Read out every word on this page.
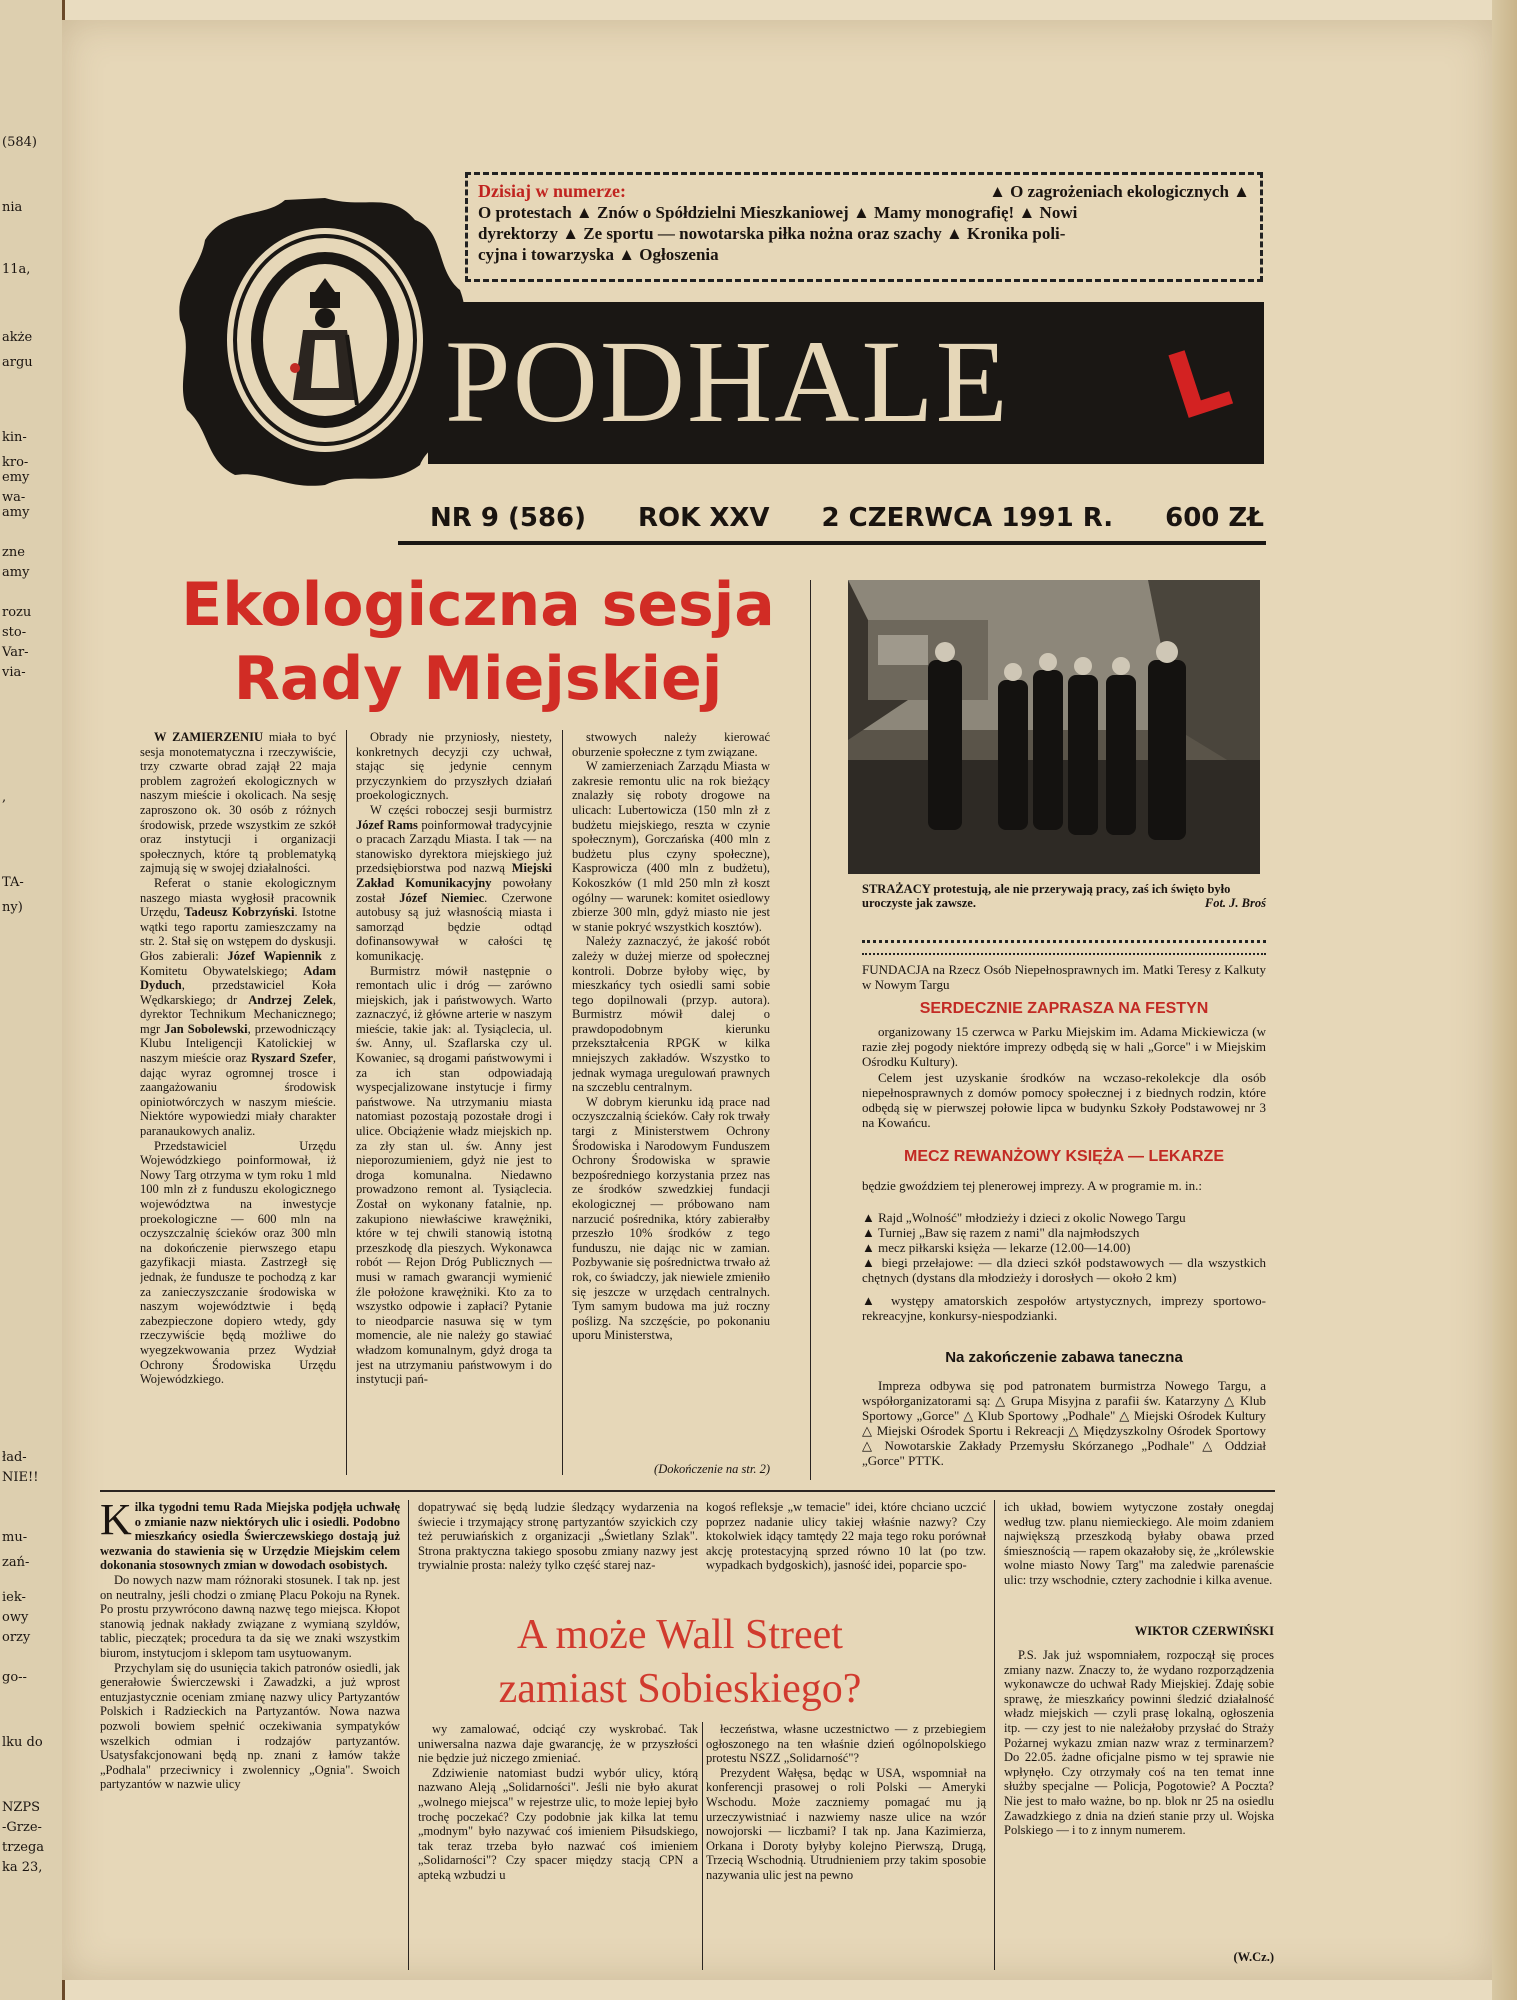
(584)
nia
11a,
akże
argu
kin-
kro-
emy
wa-
amy
zne
amy
rozu
sto-
Var-
via-
,
TA-
ny)
ład-
NIE!!
mu-
zań-
iek-
owy
orzy
go--
lku do
NZPS
-Grze-
trzega
ka 23,
Dzisiaj w numerze:	▲ O zagrożeniach ekologicznych ▲
O protestach ▲ Znów o Spółdzielni Mieszkaniowej ▲ Mamy monografię! ▲ Nowi
dyrektorzy ▲ Ze sportu — nowotarska piłka nożna oraz szachy ▲ Kronika poli-
cyjna i towarzyska ▲ Ogłoszenia
PODHALE	L
NR 9 (586) ROK XXV 2 CZERWCA 1991 R. 600 ZŁ
Ekologiczna sesja
Rady Miejskiej

W ZAMIERZENIU miała to być sesja monotematyczna i rzeczywiście, trzy czwarte obrad zajął 22 maja problem zagrożeń ekologicznych w naszym mieście i okolicach. Na sesję zaproszono ok. 30 osób z różnych środowisk, przede wszystkim ze szkół oraz instytucji i organizacji społecznych, które tą problematyką zajmują się w swojej działalności.

Referat o stanie ekologicznym naszego miasta wygłosił pracownik Urzędu, Tadeusz Kobrzyński. Istotne wątki tego raportu zamieszczamy na str. 2. Stał się on wstępem do dyskusji. Głos zabierali: Józef Wapiennik z Komitetu Obywatelskiego; Adam Dyduch, przedstawiciel Koła Wędkarskiego; dr Andrzej Zelek, dyrektor Technikum Mechanicznego; mgr Jan Sobolewski, przewodniczący Klubu Inteligencji Katolickiej w naszym mieście oraz Ryszard Szefer, dając wyraz ogromnej trosce i zaangażowaniu środowisk opiniotwórczych w naszym mieście. Niektóre wypowiedzi miały charakter paranaukowych analiz.

Przedstawiciel Urzędu Wojewódzkiego poinformował, iż Nowy Targ otrzyma w tym roku 1 mld 100 mln zł z funduszu ekologicznego województwa na inwestycje proekologiczne — 600 mln na oczyszczalnię ścieków oraz 300 mln na dokończenie pierwszego etapu gazyfikacji miasta. Zastrzegł się jednak, że fundusze te pochodzą z kar za zanieczyszczanie środowiska w naszym województwie i będą zabezpieczone dopiero wtedy, gdy rzeczywiście będą możliwe do wyegzekwowania przez Wydział Ochrony Środowiska Urzędu Wojewódzkiego.

Obrady nie przyniosły, niestety, konkretnych decyzji czy uchwał, stając się jedynie cennym przyczynkiem do przyszłych działań proekologicznych.

W części roboczej sesji burmistrz Józef Rams poinformował tradycyjnie o pracach Zarządu Miasta. I tak — na stanowisko dyrektora miejskiego już przedsiębiorstwa pod nazwą Miejski Zakład Komunikacyjny powołany został Józef Niemiec. Czerwone autobusy są już własnością miasta i samorząd będzie odtąd dofinansowywał w całości tę komunikację.

Burmistrz mówił następnie o remontach ulic i dróg — zarówno miejskich, jak i państwowych. Warto zaznaczyć, iż główne arterie w naszym mieście, takie jak: al. Tysiąclecia, ul. św. Anny, ul. Szaflarska czy ul. Kowaniec, są drogami państwowymi i za ich stan odpowiadają wyspecjalizowane instytucje i firmy państwowe. Na utrzymaniu miasta natomiast pozostają pozostałe drogi i ulice. Obciążenie władz miejskich np. za zły stan ul. św. Anny jest nieporozumieniem, gdyż nie jest to droga komunalna. Niedawno prowadzono remont al. Tysiąclecia. Został on wykonany fatalnie, np. zakupiono niewłaściwe krawężniki, które w tej chwili stanowią istotną przeszkodę dla pieszych. Wykonawca robót — Rejon Dróg Publicznych — musi w ramach gwarancji wymienić źle położone krawężniki. Kto za to wszystko odpowie i zapłaci? Pytanie to nieodparcie nasuwa się w tym momencie, ale nie należy go stawiać władzom komunalnym, gdyż droga ta jest na utrzymaniu państwowym i do instytucji pań-

stwowych należy kierować oburzenie społeczne z tym związane.

W zamierzeniach Zarządu Miasta w zakresie remontu ulic na rok bieżący znalazły się roboty drogowe na ulicach: Lubertowicza (150 mln zł z budżetu miejskiego, reszta w czynie społecznym), Gorczańska (400 mln z budżetu plus czyny społeczne), Kasprowicza (400 mln z budżetu), Kokoszków (1 mld 250 mln zł koszt ogólny — warunek: komitet osiedlowy zbierze 300 mln, gdyż miasto nie jest w stanie pokryć wszystkich kosztów).

Należy zaznaczyć, że jakość robót zależy w dużej mierze od społecznej kontroli. Dobrze byłoby więc, by mieszkańcy tych osiedli sami sobie tego dopilnowali (przyp. autora). Burmistrz mówił dalej o prawdopodobnym kierunku przekształcenia RPGK w kilka mniejszych zakładów. Wszystko to jednak wymaga uregulowań prawnych na szczeblu centralnym.

W dobrym kierunku idą prace nad oczyszczalnią ścieków. Cały rok trwały targi z Ministerstwem Ochrony Środowiska i Narodowym Funduszem Ochrony Środowiska w sprawie bezpośredniego korzystania przez nas ze środków szwedzkiej fundacji ekologicznej — próbowano nam narzucić pośrednika, który zabierałby przeszło 10% środków z tego funduszu, nie dając nic w zamian. Pozbywanie się pośrednictwa trwało aż rok, co świadczy, jak niewiele zmieniło się jeszcze w urzędach centralnych. Tym samym budowa ma już roczny poślizg. Na szczęście, po pokonaniu uporu Ministerstwa,

(Dokończenie na str. 2)
STRAŻACY protestują, ale nie przerywają pracy, zaś ich święto było uroczyste jak zawsze.	Fot. J. Broś
FUNDACJA na Rzecz Osób Niepełnosprawnych im. Matki Teresy z Kalkuty w Nowym Targu
SERDECZNIE ZAPRASZA NA FESTYN
organizowany 15 czerwca w Parku Miejskim im. Adama Mickiewicza (w razie złej pogody niektóre imprezy odbędą się w hali „Gorce" i w Miejskim Ośrodku Kultury).
Celem jest uzyskanie środków na wczaso-rekolekcje dla osób niepełnosprawnych z domów pomocy społecznej i z biednych rodzin, które odbędą się w pierwszej połowie lipca w budynku Szkoły Podstawowej nr 3 na Kowańcu.
MECZ REWANŻOWY KSIĘŻA — LEKARZE
będzie gwoździem tej plenerowej imprezy. A w programie m. in.:
▲ Rajd „Wolność" młodzieży i dzieci z okolic Nowego Targu
▲ Turniej „Baw się razem z nami" dla najmłodszych
▲ mecz piłkarski księża — lekarze (12.00—14.00)
▲ biegi przełajowe: — dla dzieci szkół podstawowych — dla wszystkich chętnych (dystans dla młodzieży i dorosłych — około 2 km)
▲ występy amatorskich zespołów artystycznych, imprezy sportowo-rekreacyjne, konkursy-niespodzianki.
Na zakończenie zabawa taneczna
Impreza odbywa się pod patronatem burmistrza Nowego Targu, a współorganizatorami są: △ Grupa Misyjna z parafii św. Katarzyny △ Klub Sportowy „Gorce" △ Klub Sportowy „Podhale" △ Miejski Ośrodek Kultury △ Miejski Ośrodek Sportu i Rekreacji △ Międzyszkolny Ośrodek Sportowy △ Nowotarskie Zakłady Przemysłu Skórzanego „Podhale" △ Oddział „Gorce" PTTK.
K ilka tygodni temu Rada Miejska podjęła uchwałę o zmianie nazw niektórych ulic i osiedli. Podobno mieszkańcy osiedla Świerczewskiego dostają już wezwania do stawienia się w Urzędzie Miejskim celem dokonania stosownych zmian w dowodach osobistych.

Do nowych nazw mam różnoraki stosunek. I tak np. jest on neutralny, jeśli chodzi o zmianę Placu Pokoju na Rynek. Po prostu przywrócono dawną nazwę tego miejsca. Kłopot stanowią jednak nakłady związane z wymianą szyldów, tablic, pieczątek; procedura ta da się we znaki wszystkim biurom, instytucjom i sklepom tam usytuowanym.

Przychylam się do usunięcia takich patronów osiedli, jak generałowie Świerczewski i Zawadzki, a już wprost entuzjastycznie oceniam zmianę nazwy ulicy Partyzantów Polskich i Radzieckich na Partyzantów. Nowa nazwa pozwoli bowiem spełnić oczekiwania sympatyków wszelkich odmian i rodzajów partyzantów. Usatysfakcjonowani będą np. znani z łamów także „Podhala" przeciwnicy i zwolennicy „Ognia". Swoich partyzantów w nazwie ulicy

dopatrywać się będą ludzie śledzący wydarzenia na świecie i trzymający stronę partyzantów szyickich czy też peruwiańskich z organizacji „Świetlany Szlak". Strona praktyczna takiego sposobu zmiany nazwy jest trywialnie prosta: należy tylko część starej naz-
kogoś refleksje „w temacie" idei, które chciano uczcić poprzez nadanie ulicy takiej właśnie nazwy? Czy ktokolwiek idący tamtędy 22 maja tego roku porównał akcję protestacyjną sprzed równo 10 lat (po tzw. wypadkach bydgoskich), jasność idei, poparcie spo-
A może Wall Street
zamiast Sobieskiego?

wy zamalować, odciąć czy wyskrobać. Tak uniwersalna nazwa daje gwarancję, że w przyszłości nie będzie już niczego zmieniać.

Zdziwienie natomiast budzi wybór ulicy, którą nazwano Aleją „Solidarności". Jeśli nie było akurat „wolnego miejsca" w rejestrze ulic, to może lepiej było trochę poczekać? Czy podobnie jak kilka lat temu „modnym" było nazywać coś imieniem Piłsudskiego, tak teraz trzeba było nazwać coś imieniem „Solidarności"? Czy spacer między stacją CPN a apteką wzbudzi u

łeczeństwa, własne uczestnictwo — z przebiegiem ogłoszonego na ten właśnie dzień ogólnopolskiego protestu NSZZ „Solidarność"?

Prezydent Wałęsa, będąc w USA, wspomniał na konferencji prasowej o roli Polski — Ameryki Wschodu. Może zaczniemy pomagać mu ją urzeczywistniać i nazwiemy nasze ulice na wzór nowojorski — liczbami? I tak np. Jana Kazimierza, Orkana i Doroty byłyby kolejno Pierwszą, Drugą, Trzecią Wschodnią. Utrudnieniem przy takim sposobie nazywania ulic jest na pewno

ich układ, bowiem wytyczone zostały onegdaj według tzw. planu niemieckiego. Ale moim zdaniem największą przeszkodą byłaby obawa przed śmiesznością — rapem okazałoby się, że „królewskie wolne miasto Nowy Targ" ma zaledwie parenaście ulic: trzy wschodnie, cztery zachodnie i kilka avenue.
WIKTOR CZERWIŃSKI

P.S. Jak już wspomniałem, rozpoczął się proces zmiany nazw. Znaczy to, że wydano rozporządzenia wykonawcze do uchwał Rady Miejskiej. Zdaję sobie sprawę, że mieszkańcy powinni śledzić działalność władz miejskich — czyli prasę lokalną, ogłoszenia itp. — czy jest to nie należałoby przysłać do Straży Pożarnej wykazu zmian nazw wraz z terminarzem? Do 22.05. żadne oficjalne pismo w tej sprawie nie wpłynęło. Czy otrzymały coś na ten temat inne służby specjalne — Policja, Pogotowie? A Poczta? Nie jest to mało ważne, bo np. blok nr 25 na osiedlu Zawadzkiego z dnia na dzień stanie przy ul. Wojska Polskiego — i to z innym numerem.

(W.Cz.)
